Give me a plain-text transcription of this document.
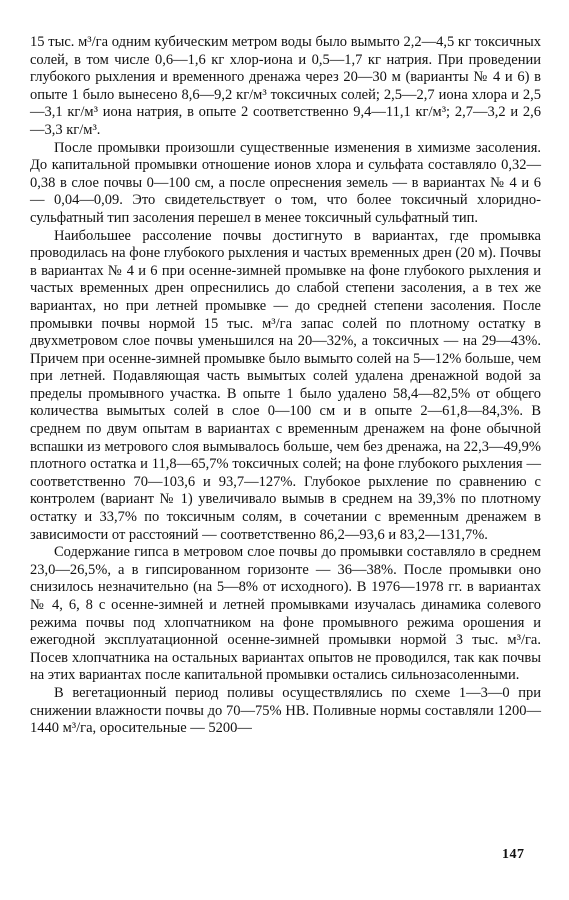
15 тыс. м³/га одним кубическим метром воды было вымыто 2,2—4,5 кг токсичных солей, в том числе 0,6—1,6 кг хлор-иона и 0,5—1,7 кг натрия. При проведении глубокого рыхления и временного дренажа через 20—30 м (варианты № 4 и 6) в опыте 1 было вынесено 8,6—9,2 кг/м³ токсичных солей; 2,5—2,7 иона хлора и 2,5—3,1 кг/м³ иона натрия, в опыте 2 соответственно 9,4—11,1 кг/м³; 2,7—3,2 и 2,6—3,3 кг/м³.

После промывки произошли существенные изменения в химизме засоления. До капитальной промывки отношение ионов хлора и сульфата составляло 0,32—0,38 в слое почвы 0—100 см, а после опреснения земель — в вариантах № 4 и 6 — 0,04—0,09. Это свидетельствует о том, что более токсичный хлоридно-сульфатный тип засоления перешел в менее токсичный сульфатный тип.

Наибольшее рассоление почвы достигнуто в вариантах, где промывка проводилась на фоне глубокого рыхления и частых временных дрен (20 м). Почвы в вариантах № 4 и 6 при осенне-зимней промывке на фоне глубокого рыхления и частых временных дрен опреснились до слабой степени засоления, а в тех же вариантах, но при летней промывке — до средней степени засоления. После промывки почвы нормой 15 тыс. м³/га запас солей по плотному остатку в двухметровом слое почвы уменьшился на 20—32%, а токсичных — на 29—43%. Причем при осенне-зимней промывке было вымыто солей на 5—12% больше, чем при летней. Подавляющая часть вымытых солей удалена дренажной водой за пределы промывного участка. В опыте 1 было удалено 58,4—82,5% от общего количества вымытых солей в слое 0—100 см и в опыте 2—61,8—84,3%. В среднем по двум опытам в вариантах с временным дренажем на фоне обычной вспашки из метрового слоя вымывалось больше, чем без дренажа, на 22,3—49,9% плотного остатка и 11,8—65,7% токсичных солей; на фоне глубокого рыхления — соответственно 70—103,6 и 93,7—127%. Глубокое рыхление по сравнению с контролем (вариант № 1) увеличивало вымыв в среднем на 39,3% по плотному остатку и 33,7% по токсичным солям, в сочетании с временным дренажем в зависимости от расстояний — соответственно 86,2—93,6 и 83,2—131,7%.

Содержание гипса в метровом слое почвы до промывки составляло в среднем 23,0—26,5%, а в гипсированном горизонте — 36—38%. После промывки оно снизилось незначительно (на 5—8% от исходного). В 1976—1978 гг. в вариантах № 4, 6, 8 с осенне-зимней и летней промывками изучалась динамика солевого режима почвы под хлопчатником на фоне промывного режима орошения и ежегодной эксплуатационной осенне-зимней промывки нормой 3 тыс. м³/га. Посев хлопчатника на остальных вариантах опытов не проводился, так как почвы на этих вариантах после капитальной промывки остались сильнозасоленными.

В вегетационный период поливы осуществлялись по схеме 1—3—0 при снижении влажности почвы до 70—75% НВ. Поливные нормы составляли 1200—1440 м³/га, оросительные — 5200—

147
